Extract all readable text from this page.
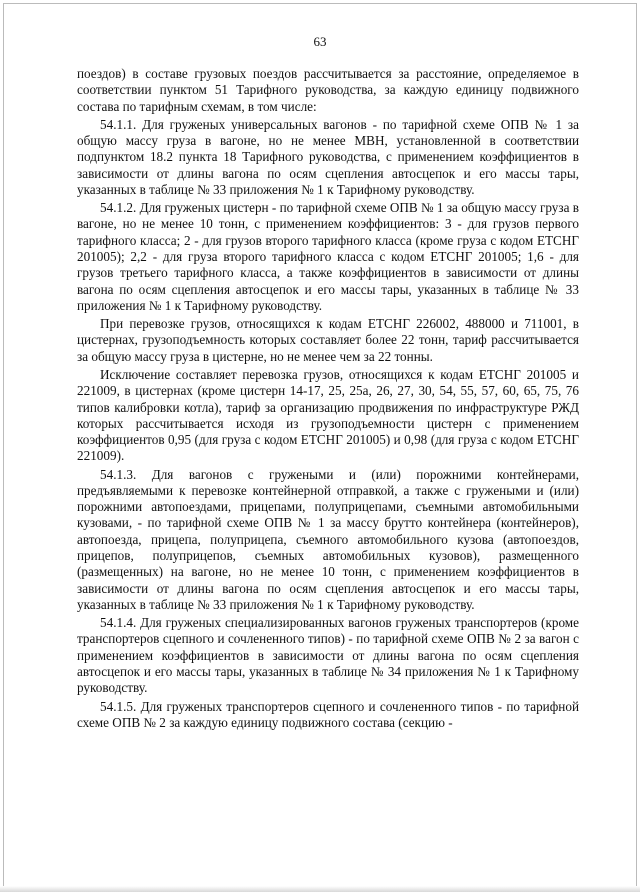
63

поездов) в составе грузовых поездов рассчитывается за расстояние, определяемое в соответствии пунктом 51 Тарифного руководства, за каждую единицу подвижного состава по тарифным схемам, в том числе:

54.1.1. Для груженых универсальных вагонов - по тарифной схеме ОПВ № 1 за общую массу груза в вагоне, но не менее МВН, установленной в соответствии подпунктом 18.2 пункта 18 Тарифного руководства, с применением коэффициентов в зависимости от длины вагона по осям сцепления автосцепок и его массы тары, указанных в таблице № 33 приложения № 1 к Тарифному руководству.

54.1.2. Для груженых цистерн - по тарифной схеме ОПВ № 1 за общую массу груза в вагоне, но не менее 10 тонн, с применением коэффициентов: 3 - для грузов первого тарифного класса; 2 - для грузов второго тарифного класса (кроме груза с кодом ЕТСНГ 201005); 2,2 - для груза второго тарифного класса с кодом ЕТСНГ 201005; 1,6 - для грузов третьего тарифного класса, а также коэффициентов в зависимости от длины вагона по осям сцепления автосцепок и его массы тары, указанных в таблице № 33 приложения № 1 к Тарифному руководству.

При перевозке грузов, относящихся к кодам ЕТСНГ 226002, 488000 и 711001, в цистернах, грузоподъемность которых составляет более 22 тонн, тариф рассчитывается за общую массу груза в цистерне, но не менее чем за 22 тонны.

Исключение составляет перевозка грузов, относящихся к кодам ЕТСНГ 201005 и 221009, в цистернах (кроме цистерн 14-17, 25, 25а, 26, 27, 30, 54, 55, 57, 60, 65, 75, 76 типов калибровки котла), тариф за организацию продвижения по инфраструктуре РЖД которых рассчитывается исходя из грузоподъемности цистерн с применением коэффициентов 0,95 (для груза с кодом ЕТСНГ 201005) и 0,98 (для груза с кодом ЕТСНГ 221009).

54.1.3. Для вагонов с гружеными и (или) порожними контейнерами, предъявляемыми к перевозке контейнерной отправкой, а также с гружеными и (или) порожними автопоездами, прицепами, полуприцепами, съемными автомобильными кузовами, - по тарифной схеме ОПВ № 1 за массу брутто контейнера (контейнеров), автопоезда, прицепа, полуприцепа, съемного автомобильного кузова (автопоездов, прицепов, полуприцепов, съемных автомобильных кузовов), размещенного (размещенных) на вагоне, но не менее 10 тонн, с применением коэффициентов в зависимости от длины вагона по осям сцепления автосцепок и его массы тары, указанных в таблице № 33 приложения № 1 к Тарифному руководству.

54.1.4. Для груженых специализированных вагонов груженых транспортеров (кроме транспортеров сцепного и сочлененного типов) - по тарифной схеме ОПВ № 2 за вагон с применением коэффициентов в зависимости от длины вагона по осям сцепления автосцепок и его массы тары, указанных в таблице № 34 приложения № 1 к Тарифному руководству.

54.1.5. Для груженых транспортеров сцепного и сочлененного типов - по тарифной схеме ОПВ № 2 за каждую единицу подвижного состава (секцию -
